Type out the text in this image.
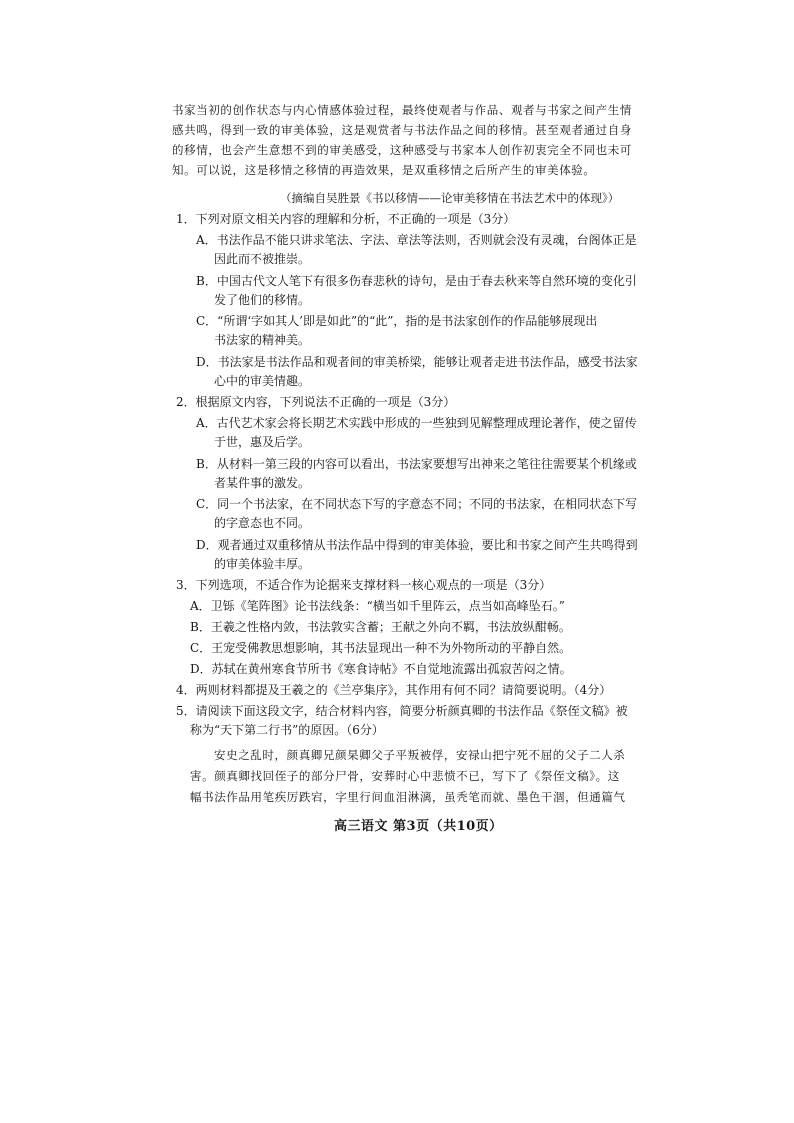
书家当初的创作状态与内心情感体验过程，最终使观者与作品、观者与书家之间产生情

感共鸣，得到一致的审美体验，这是观赏者与书法作品之间的移情。甚至观者通过自身

的移情，也会产生意想不到的审美感受，这种感受与书家本人创作初衷完全不同也未可

知。可以说，这是移情之移情的再造效果，是双重移情之后所产生的审美体验。

（摘编自吴胜景《书以移情——论审美移情在书法艺术中的体现》）
1．下列对原文相关内容的理解和分析，不正确的一项是（3分）
A．书法作品不能只讲求笔法、字法、章法等法则，否则就会没有灵魂，台阁体正是
因此而不被推崇。
B．中国古代文人笔下有很多伤春悲秋的诗句，是由于春去秋来等自然环境的变化引
发了他们的移情。
C．“所谓‘字如其人’即是如此”的“此”，指的是书法家创作的作品能够展现出
书法家的精神美。
D．书法家是书法作品和观者间的审美桥梁，能够让观者走进书法作品，感受书法家
心中的审美情趣。
2．根据原文内容，下列说法不正确的一项是（3分）
A．古代艺术家会将长期艺术实践中形成的一些独到见解整理成理论著作，使之留传
于世，惠及后学。
B．从材料一第三段的内容可以看出，书法家要想写出神来之笔往往需要某个机缘或
者某件事的激发。
C．同一个书法家，在不同状态下写的字意态不同；不同的书法家，在相同状态下写
的字意态也不同。
D．观者通过双重移情从书法作品中得到的审美体验，要比和书家之间产生共鸣得到
的审美体验丰厚。
3．下列选项，不适合作为论据来支撑材料一核心观点的一项是（3分）
A．卫铄《笔阵图》论书法线条：“横当如千里阵云，点当如高峰坠石。”
B．王羲之性格内敛，书法敦实含蓄；王献之外向不羁，书法放纵酣畅。
C．王宠受佛教思想影响，其书法显现出一种不为外物所动的平静自然。
D．苏轼在黄州寒食节所书《寒食诗帖》不自觉地流露出孤寂苦闷之情。
4．两则材料都提及王羲之的《兰亭集序》，其作用有何不同？请简要说明。（4分）
5．请阅读下面这段文字，结合材料内容，简要分析颜真卿的书法作品《祭侄文稿》被
称为“天下第二行书”的原因。（6分）
安史之乱时，颜真卿兄颜杲卿父子平叛被俘，安禄山把宁死不屈的父子二人杀
害。颜真卿找回侄子的部分尸骨，安葬时心中悲愤不已，写下了《祭侄文稿》。这
幅书法作品用笔疾厉跌宕，字里行间血泪淋漓，虽秃笔而就、墨色干涸，但通篇气
高三语文 第3页（共10页）
